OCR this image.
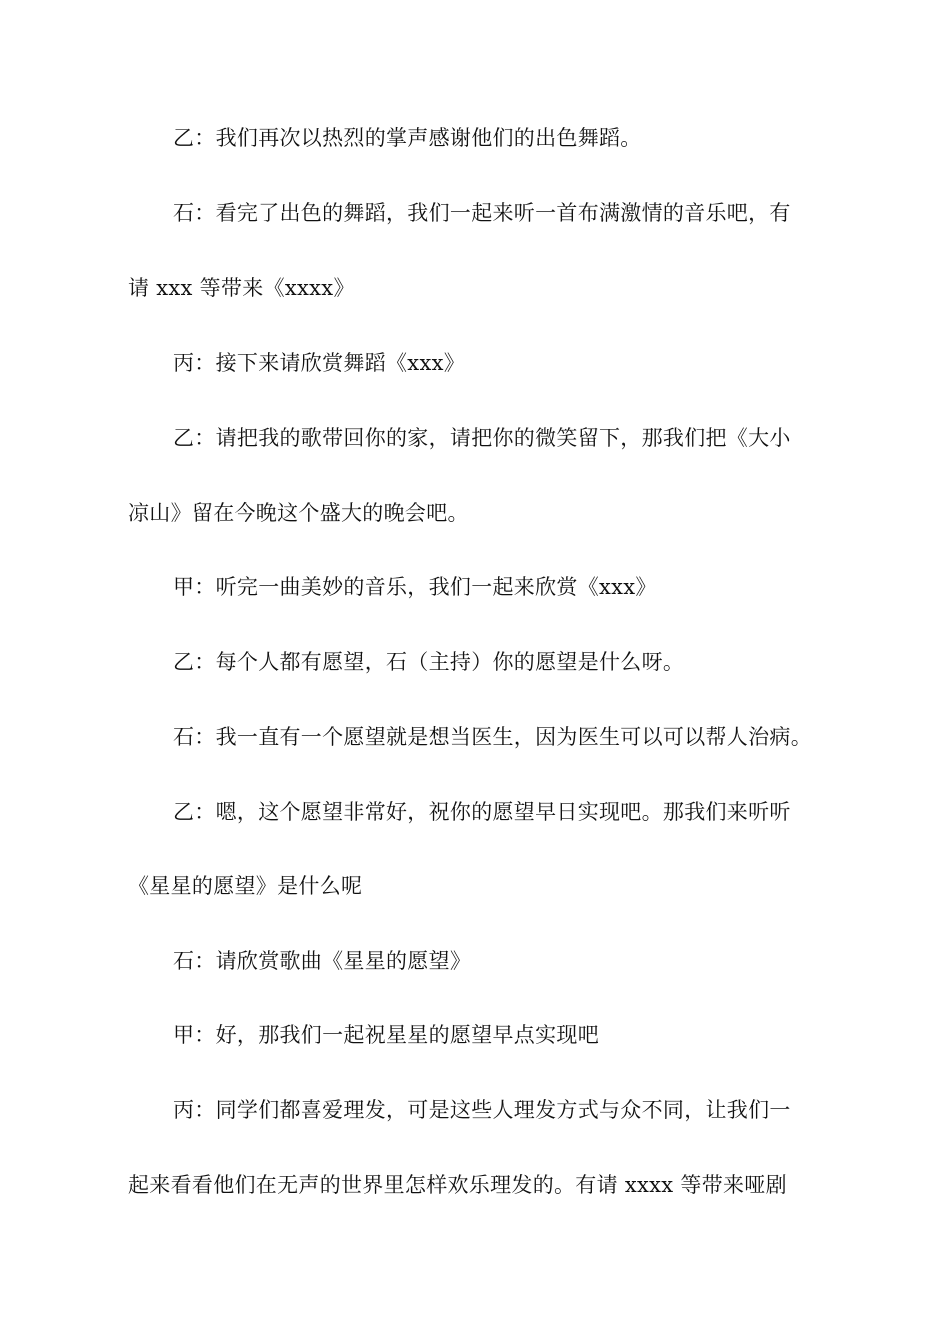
乙：我们再次以热烈的掌声感谢他们的出色舞蹈。
石：看完了出色的舞蹈，我们一起来听一首布满激情的音乐吧，有
请 xxx 等带来《xxxx》
丙：接下来请欣赏舞蹈《xxx》
乙：请把我的歌带回你的家，请把你的微笑留下，那我们把《大小
凉山》留在今晚这个盛大的晚会吧。
甲：听完一曲美妙的音乐，我们一起来欣赏《xxx》
乙：每个人都有愿望，石（主持）你的愿望是什么呀。
石：我一直有一个愿望就是想当医生，因为医生可以可以帮人治病。
乙：嗯，这个愿望非常好，祝你的愿望早日实现吧。那我们来听听
《星星的愿望》是什么呢
石：请欣赏歌曲《星星的愿望》
甲：好，那我们一起祝星星的愿望早点实现吧
丙：同学们都喜爱理发，可是这些人理发方式与众不同，让我们一
起来看看他们在无声的世界里怎样欢乐理发的。有请 xxxx 等带来哑剧
